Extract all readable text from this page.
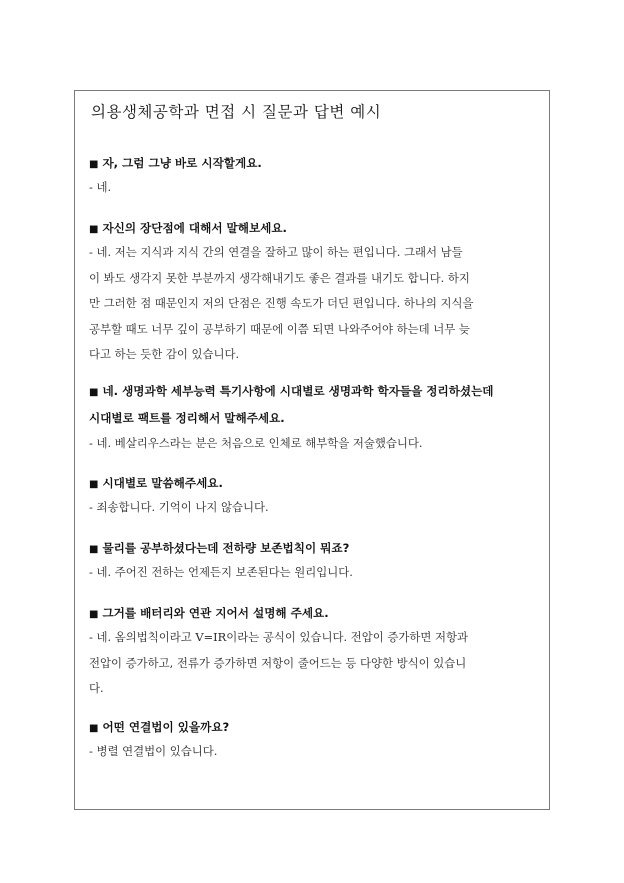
의용생체공학과 면접 시 질문과 답변 예시

■ 자, 그럼 그냥 바로 시작할게요.

- 네.

■ 자신의 장단점에 대해서 말해보세요.

- 네. 저는 지식과 지식 간의 연결을 잘하고 많이 하는 편입니다. 그래서 남들
이 봐도 생각지 못한 부분까지 생각해내기도 좋은 결과를 내기도 합니다. 하지
만 그러한 점 때문인지 저의 단점은 진행 속도가 더딘 편입니다. 하나의 지식을
공부할 때도 너무 깊이 공부하기 때문에 이쯤 되면 나와주어야 하는데 너무 늦
다고 하는 듯한 감이 있습니다.

■ 네. 생명과학 세부능력 특기사항에 시대별로 생명과학 학자들을 정리하셨는데
시대별로 팩트를 정리해서 말해주세요.

- 네. 베살리우스라는 분은 처음으로 인체로 해부학을 저술했습니다.

■ 시대별로 말씀해주세요.

- 죄송합니다. 기억이 나지 않습니다.

■ 물리를 공부하셨다는데 전하량 보존법칙이 뭐죠?

- 네. 주어진 전하는 언제든지 보존된다는 원리입니다.

■ 그거를 배터리와 연관 지어서 설명해 주세요.

- 네. 옴의법칙이라고 V=IR이라는 공식이 있습니다. 전압이 증가하면 저항과
전압이 증가하고, 전류가 증가하면 저항이 줄어드는 등 다양한 방식이 있습니
다.

■ 어떤 연결법이 있을까요?

- 병렬 연결법이 있습니다.
